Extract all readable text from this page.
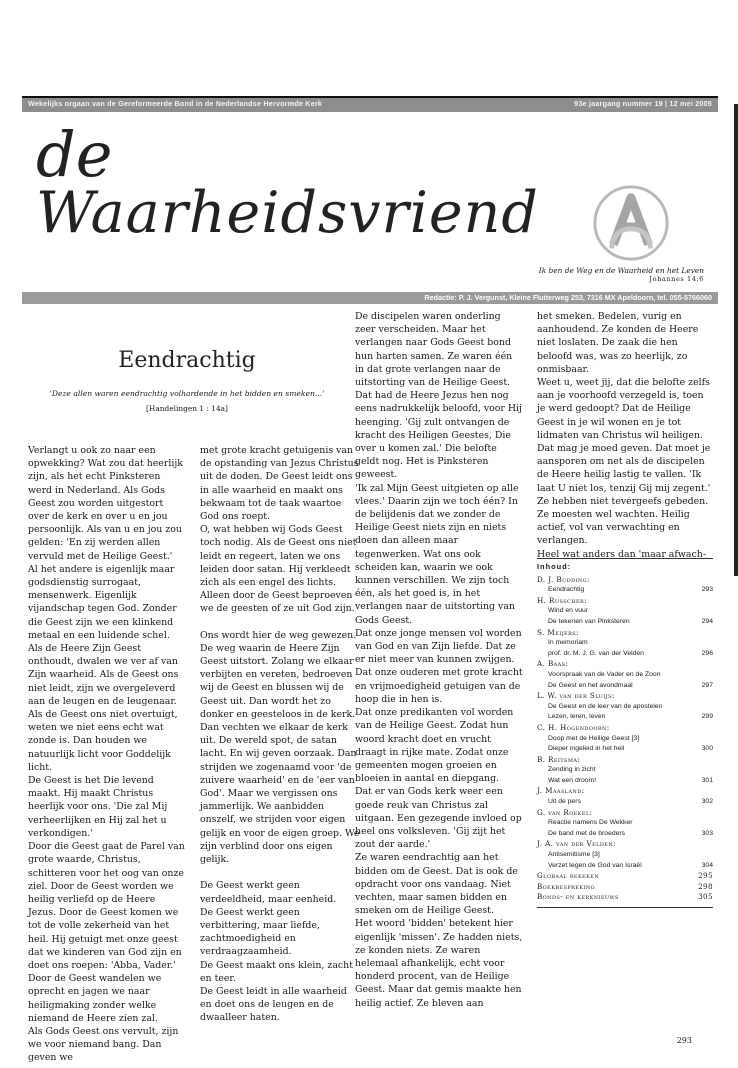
Wekelijks orgaan van de Gereformeerde Bond in de Nederlandse Hervormde Kerk	93e jaargang nummer 19 | 12 mei 2005
de
Waarheidsvriend
Ik ben de Weg en de Waarheid en het Leven
Johannes 14:6
Redactie: P. J. Vergunst, Kleine Fluiterweg 253, 7316 MX Apeldoorn, tel. 055-5766060
Eendrachtig
'Deze allen waren eendrachtig volhardende in het bidden en smeken...'
[Handelingen 1 : 14a]

Verlangt u ook zo naar een opwekking? Wat zou dat heerlijk zijn, als het echt Pinksteren werd in Nederland. Als Gods Geest zou worden uitgestort over de kerk en over u en jou persoonlijk. Als van u en jou zou gelden: 'En zij werden allen vervuld met de Heilige Geest.'

Al het andere is eigenlijk maar godsdienstig surrogaat, mensenwerk. Eigenlijk vijandschap tegen God. Zonder die Geest zijn we een klinkend metaal en een luidende schel. Als de Heere Zijn Geest onthoudt, dwalen we ver af van Zijn waarheid. Als de Geest ons niet leidt, zijn we overgeleverd aan de leugen en de leugenaar. Als de Geest ons niet overtuigt, weten we niet eens echt wat zonde is. Dan houden we natuurlijk licht voor Goddelijk licht.

De Geest is het Die levend maakt. Hij maakt Christus heerlijk voor ons. 'Die zal Mij verheerlijken en Hij zal het u verkondigen.'

Door die Geest gaat de Parel van grote waarde, Christus, schitteren voor het oog van onze ziel. Door de Geest worden we heilig verliefd op de Heere Jezus. Door de Geest komen we tot de volle zekerheid van het heil. Hij getuigt met onze geest dat we kinderen van God zijn en doet ons roepen: 'Abba, Vader.'

Door de Geest wandelen we oprecht en jagen we naar heiligmaking zonder welke niemand de Heere zien zal.

Als Gods Geest ons vervult, zijn we voor niemand bang. Dan geven we

met grote kracht getuigenis van de opstanding van Jezus Christus uit de doden. De Geest leidt ons in alle waarheid en maakt ons bekwaam tot de taak waartoe God ons roept.

O, wat hebben wij Gods Geest toch nodig. Als de Geest ons niet leidt en regeert, laten we ons leiden door satan. Hij verkleedt zich als een engel des lichts. Alleen door de Geest beproeven we de geesten of ze uit God zijn.

Ons wordt hier de weg gewezen. De weg waarin de Heere Zijn Geest uitstort. Zolang we elkaar verbijten en vereten, bedroeven wij de Geest en blussen wij de Geest uit. Dan wordt het zo donker en geesteloos in de kerk. Dan vechten we elkaar de kerk uit. De wereld spot, de satan lacht. En wij geven oorzaak. Dan strijden we zogenaamd voor 'de zuivere waarheid' en de 'eer van God'. Maar we vergissen ons jammerlijk. We aanbidden onszelf, we strijden voor eigen gelijk en voor de eigen groep. We zijn verblind door ons eigen gelijk.

De Geest werkt geen verdeeldheid, maar eenheid.

De Geest werkt geen verbittering, maar liefde, zachtmoedigheid en verdraagzaamheid.

De Geest maakt ons klein, zacht en teer.

De Geest leidt in alle waarheid en doet ons de leugen en de dwaalleer haten.

De discipelen waren onderling zeer verscheiden. Maar het verlangen naar Gods Geest bond hun harten samen. Ze waren één in dat grote verlangen naar de uitstorting van de Heilige Geest. Dat had de Heere Jezus hen nog eens nadrukkelijk beloofd, voor Hij heenging. 'Gij zult ontvangen de kracht des Heiligen Geestes, Die over u komen zal.' Die belofte geldt nog. Het is Pinksteren geweest.

'Ik zal Mijn Geest uitgieten op alle vlees.' Daarin zijn we toch één? In de belijdenis dat we zonder de Heilige Geest niets zijn en niets doen dan alleen maar tegenwerken. Wat ons ook scheiden kan, waarin we ook kunnen verschillen. We zijn toch één, als het goed is, in het verlangen naar de uitstorting van Gods Geest.

Dat onze jonge mensen vol worden van God en van Zijn liefde. Dat ze er niet meer van kunnen zwijgen.

Dat onze ouderen met grote kracht en vrijmoedigheid getuigen van de hoop die in hen is.

Dat onze predikanten vol worden van de Heilige Geest. Zodat hun woord kracht doet en vrucht draagt in rijke mate. Zodat onze gemeenten mogen groeien en bloeien in aantal en diepgang.

Dat er van Gods kerk weer een goede reuk van Christus zal uitgaan. Een gezegende invloed op heel ons volksleven. 'Gij zijt het zout der aarde.'

Ze waren eendrachtig aan het bidden om de Geest. Dat is ook de opdracht voor ons vandaag. Niet vechten, maar samen bidden en smeken om de Heilige Geest.

Het woord 'bidden' betekent hier eigenlijk 'missen'. Ze hadden niets, ze konden niets. Ze waren helemaal afhankelijk, echt voor honderd procent, van de Heilige Geest. Maar dat gemis maakte hen heilig actief. Ze bleven aan

het smeken. Bedelen, vurig en aanhoudend. Ze konden de Heere niet loslaten. De zaak die hen beloofd was, was zo heerlijk, zo onmisbaar.

Weet u, weet jij, dat die belofte zelfs aan je voorhoofd verzegeld is, toen je werd gedoopt? Dat de Heilige Geest in je wil wonen en je tot lidmaten van Christus wil heiligen. Dat mag je moed geven. Dat moet je aansporen om net als de discipelen de Heere heilig lastig te vallen. 'Ik laat U niet los, tenzij Gij mij zegent.'

Ze hebben niet tevergeefs gebeden. Ze moesten wel wachten. Heilig actief, vol van verwachting en verlangen.

Heel wat anders dan 'maar afwach-

Inhoud:
D. J. Budding:
Eendrachtig	293
H. Russcher:
Wind en vuur
De tekenen van Pinksteren	294
S. Meijers:
In memoriam
prof. dr. M. J. G. van der Velden	296
A. Baas:
Voorspraak van de Vader en de Zoon
De Geest en het avondmaal	297
L. W. van der Sluijs:
De Geest en de leer van de apostelen
Lezen, leren, leven	299
C. H. Hogendoorn:
Doop met de Heilige Geest [3]
Dieper ingeleid in het heil	300
B. Reitsma:
Zending in zicht
Wat een droom!	301
J. Maasland:
Uit de pers	302
G. van Roekel:
Reactie namens De Wekker
De band met de broeders	303
J. A. van der Velden:
Antisemitisme [3]
Verzet tegen de God van Israël	304
Globaal bekeken	295
Boekbespreking	298
Bonds- en kerknieuws	305
293
